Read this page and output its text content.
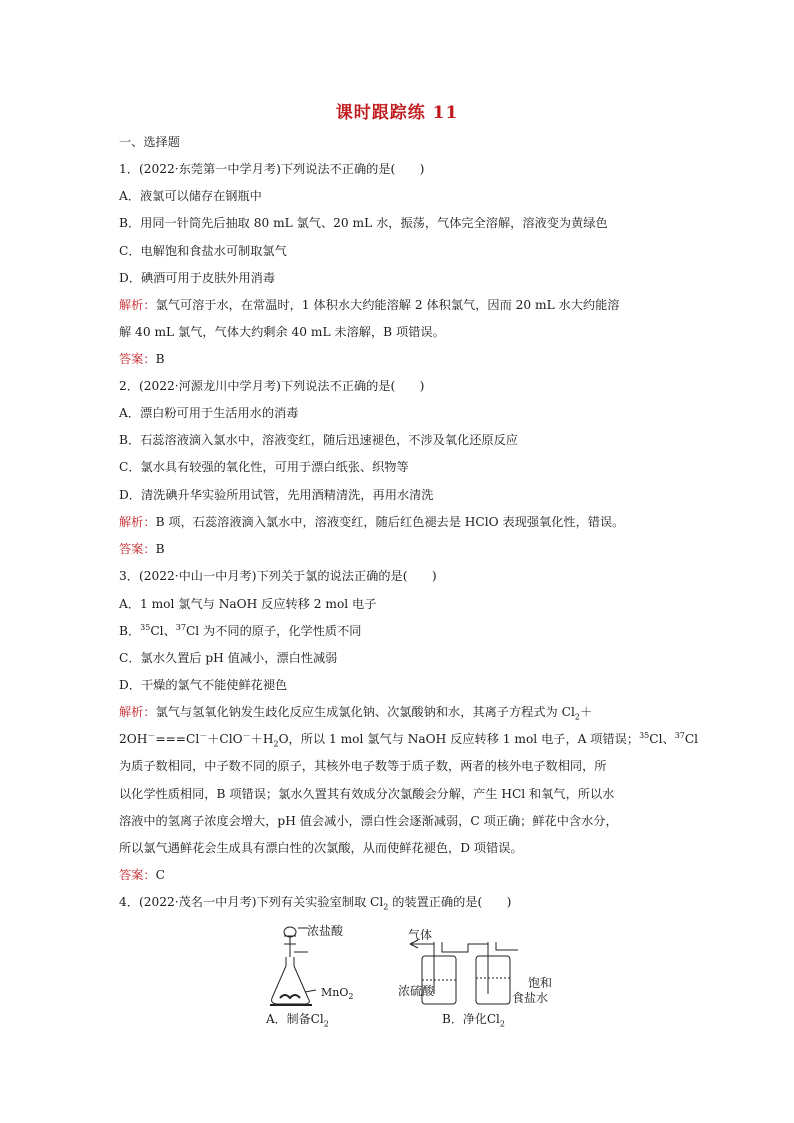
课时跟踪练 11
一、选择题
1．(2022·东莞第一中学月考)下列说法不正确的是(　　)
A．液氯可以储存在钢瓶中
B．用同一针筒先后抽取 80 mL 氯气、20 mL 水，振荡，气体完全溶解，溶液变为黄绿色
C．电解饱和食盐水可制取氯气
D．碘酒可用于皮肤外用消毒
解析：氯气可溶于水，在常温时，1 体积水大约能溶解 2 体积氯气，因而 20 mL 水大约能溶
解 40 mL 氯气，气体大约剩余 40 mL 未溶解，B 项错误。
答案：B
2．(2022·河源龙川中学月考)下列说法不正确的是(　　)
A．漂白粉可用于生活用水的消毒
B．石蕊溶液滴入氯水中，溶液变红，随后迅速褪色，不涉及氧化还原反应
C．氯水具有较强的氧化性，可用于漂白纸张、织物等
D．清洗碘升华实验所用试管，先用酒精清洗，再用水清洗
解析：B 项，石蕊溶液滴入氯水中，溶液变红，随后红色褪去是 HClO 表现强氧化性，错误。
答案：B
3．(2022·中山一中月考)下列关于氯的说法正确的是(　　)
A．1 mol 氯气与 NaOH 反应转移 2 mol 电子
B．$^{35}$Cl、$^{37}$Cl 为不同的原子，化学性质不同
C．氯水久置后 pH 值减小，漂白性减弱
D．干燥的氯气不能使鲜花褪色
解析：氯气与氢氧化钠发生歧化反应生成氯化钠、次氯酸钠和水，其离子方程式为 $Cl_2+$
$2OH^-===Cl^-+ClO^-+H_2O$，所以 1 mol 氯气与 NaOH 反应转移 1 mol 电子，A 项错误；$^{35}$Cl、$^{37}$Cl
为质子数相同，中子数不同的原子，其核外电子数等于质子数，两者的核外电子数相同，所
以化学性质相同，B 项错误；氯水久置其有效成分次氯酸会分解，产生 HCl 和氧气，所以水
溶液中的氢离子浓度会增大，pH 值会减小，漂白性会逐渐减弱，C 项正确；鲜花中含水分，
所以氯气遇鲜花会生成具有漂白性的次氯酸，从而使鲜花褪色，D 项错误。
答案：C
4．(2022·茂名一中月考)下列有关实验室制取 $Cl_2$ 的装置正确的是(　　)
浓盐酸
MnO$_2$
A．制备$Cl_2$
气体
浓硫酸
饱和
食盐水
B．净化$Cl_2$
